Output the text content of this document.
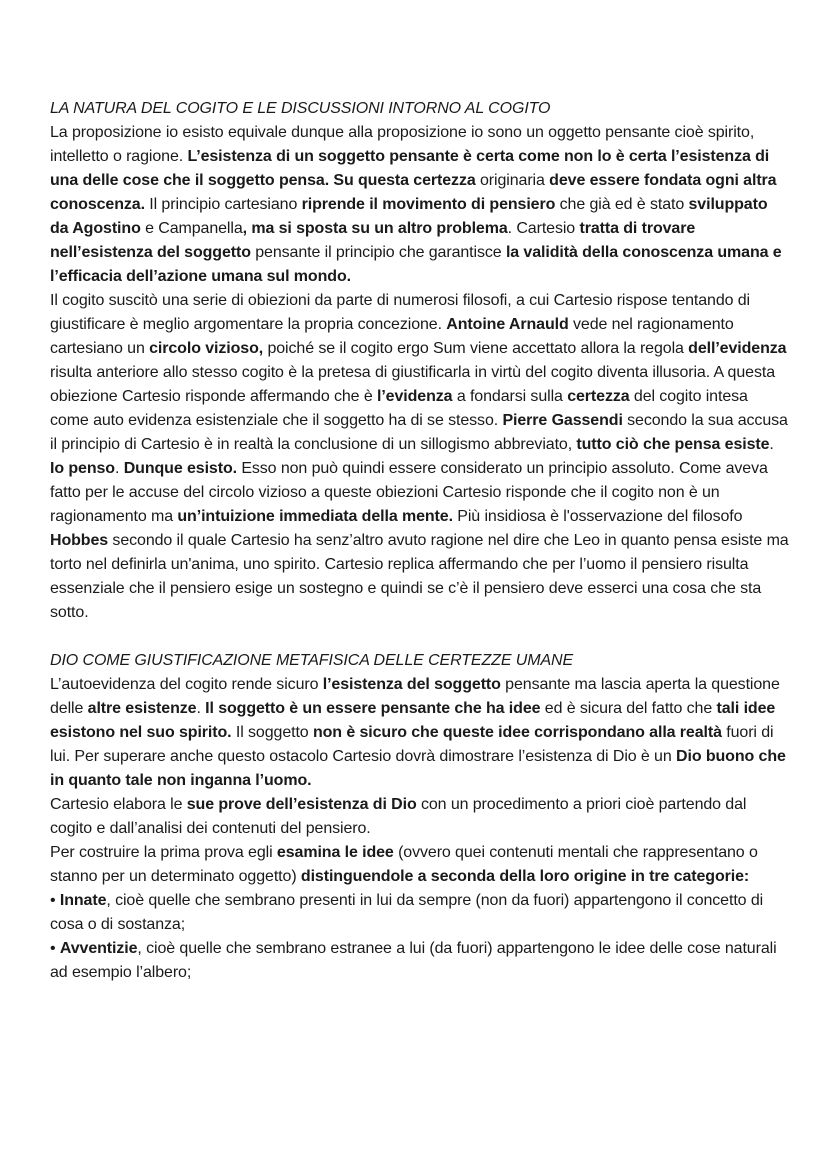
LA NATURA DEL COGITO E LE DISCUSSIONI INTORNO AL COGITO

La proposizione io esisto equivale dunque alla proposizione io sono un oggetto pensante cioè spirito, intelletto o ragione. L’esistenza di un soggetto pensante è certa come non lo è certa l’esistenza di una delle cose che il soggetto pensa. Su questa certezza originaria deve essere fondata ogni altra conoscenza. Il principio cartesiano riprende il movimento di pensiero che già ed è stato sviluppato da Agostino e Campanella, ma si sposta su un altro problema. Cartesio tratta di trovare nell’esistenza del soggetto pensante il principio che garantisce la validità della conoscenza umana e l’efficacia dell’azione umana sul mondo.

Il cogito suscitò una serie di obiezioni da parte di numerosi filosofi, a cui Cartesio rispose tentando di giustificare è meglio argomentare la propria concezione. Antoine Arnauld vede nel ragionamento cartesiano un circolo vizioso, poiché se il cogito ergo Sum viene accettato allora la regola dell’evidenza risulta anteriore allo stesso cogito è la pretesa di giustificarla in virtù del cogito diventa illusoria. A questa obiezione Cartesio risponde affermando che è l’evidenza a fondarsi sulla certezza del cogito intesa come auto evidenza esistenziale che il soggetto ha di se stesso. Pierre Gassendi secondo la sua accusa il principio di Cartesio è in realtà la conclusione di un sillogismo abbreviato, tutto ciò che pensa esiste. Io penso. Dunque esisto. Esso non può quindi essere considerato un principio assoluto. Come aveva fatto per le accuse del circolo vizioso a queste obiezioni Cartesio risponde che il cogito non è un ragionamento ma un’intuizione immediata della mente. Più insidiosa è l'osservazione del filosofo Hobbes secondo il quale Cartesio ha senz’altro avuto ragione nel dire che Leo in quanto pensa esiste ma torto nel definirla un'anima, uno spirito. Cartesio replica affermando che per l’uomo il pensiero risulta essenziale che il pensiero esige un sostegno e quindi se c’è il pensiero deve esserci una cosa che sta sotto.

DIO COME GIUSTIFICAZIONE METAFISICA DELLE CERTEZZE UMANE

L’autoevidenza del cogito rende sicuro l’esistenza del soggetto pensante ma lascia aperta la questione delle altre esistenze. Il soggetto è un essere pensante che ha idee ed è sicura del fatto che tali idee esistono nel suo spirito. Il soggetto non è sicuro che queste idee corrispondano alla realtà fuori di lui. Per superare anche questo ostacolo Cartesio dovrà dimostrare l’esistenza di Dio è un Dio buono che in quanto tale non inganna l’uomo.

Cartesio elabora le sue prove dell’esistenza di Dio con un procedimento a priori cioè partendo dal cogito e dall’analisi dei contenuti del pensiero.

Per costruire la prima prova egli esamina le idee (ovvero quei contenuti mentali che rappresentano o stanno per un determinato oggetto) distinguendole a seconda della loro origine in tre categorie:

• Innate, cioè quelle che sembrano presenti in lui da sempre (non da fuori) appartengono il concetto di cosa o di sostanza;

• Avventizie, cioè quelle che sembrano estranee a lui (da fuori) appartengono le idee delle cose naturali ad esempio l’albero;
